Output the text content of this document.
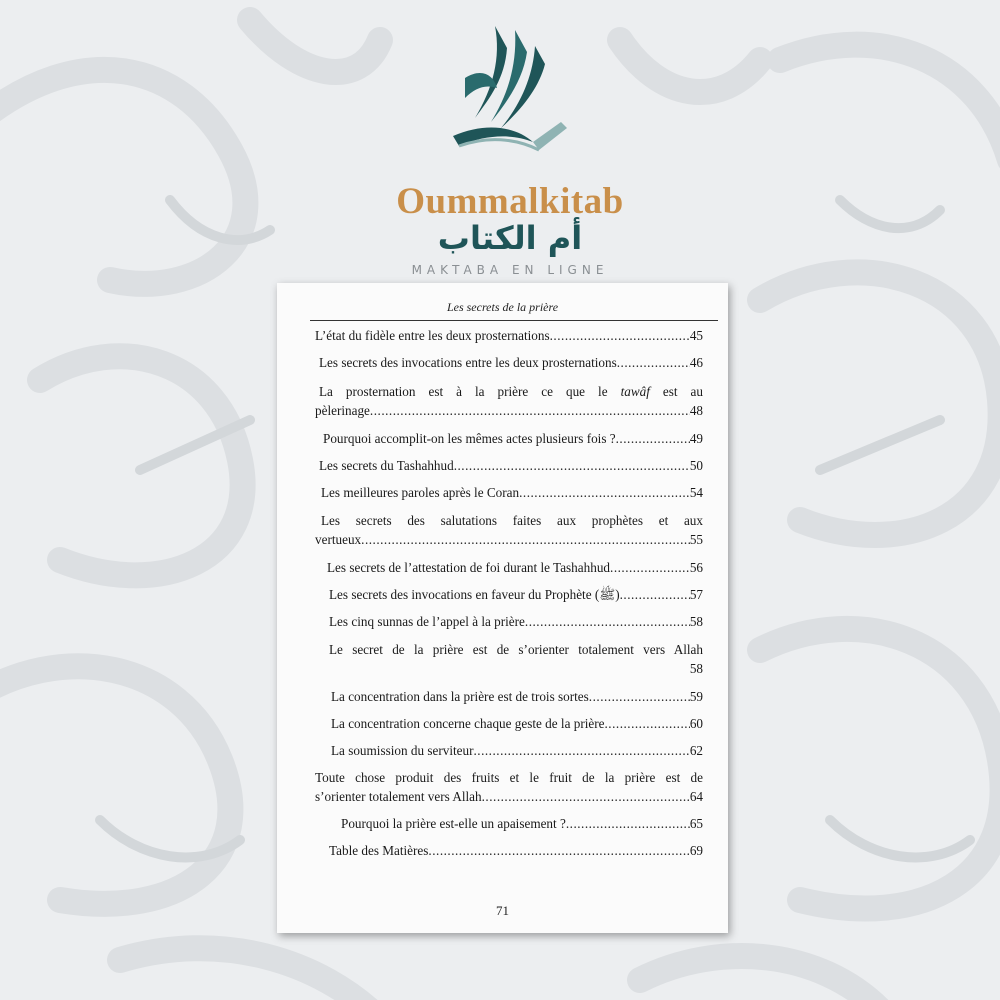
Oummalkitab
أم الكتاب
MAKTABA EN LIGNE
Les secrets de la prière
L’état du fidèle entre les deux prosternations .....	45
Les secrets des invocations entre les deux prosternations .....	46
La prosternation est à la prière ce que le tawâf est au
pèlerinage .....	48
Pourquoi accomplit-on les mêmes actes plusieurs fois ? .....	49
Les secrets du Tashahhud .....	50
Les meilleures paroles après le Coran .....	54
Les secrets des salutations faites aux prophètes et aux
vertueux .....	55
Les secrets de l’attestation de foi durant le Tashahhud .....	56
Les secrets des invocations en faveur du Prophète (ﷺ) .....	57
Les cinq sunnas de l’appel à la prière .....	58
Le secret de la prière est de s’orienter totalement vers Allah
58
La concentration dans la prière est de trois sortes .....	59
La concentration concerne chaque geste de la prière .....	60
La soumission du serviteur .....	62
Toute chose produit des fruits et le fruit de la prière est de
s’orienter totalement vers Allah .....	64
Pourquoi la prière est-elle un apaisement ? .....	65
Table des Matières .....	69
71
